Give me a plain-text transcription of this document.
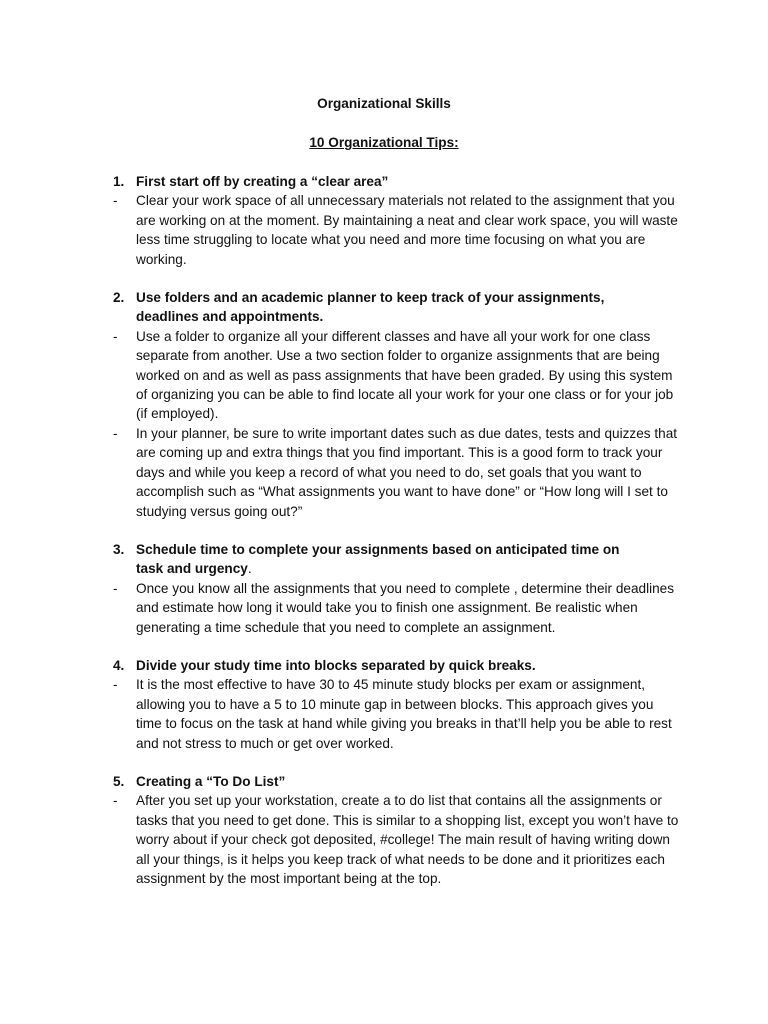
Organizational Skills
10 Organizational Tips:
1. First start off by creating a “clear area”
- Clear your work space of all unnecessary materials not related to the assignment that you are working on at the moment. By maintaining a neat and clear work space, you will waste less time struggling to locate what you need and more time focusing on what you are working.
2. Use folders and an academic planner to keep track of your assignments, deadlines and appointments.
- Use a folder to organize all your different classes and have all your work for one class separate from another. Use a two section folder to organize assignments that are being worked on and as well as pass assignments that have been graded. By using this system of organizing you can be able to find locate all your work for your one class or for your job (if employed).
- In your planner, be sure to write important dates such as due dates, tests and quizzes that are coming up and extra things that you find important. This is a good form to track your days and while you keep a record of what you need to do, set goals that you want to accomplish such as “What assignments you want to have done” or “How long will I set to studying versus going out?”
3. Schedule time to complete your assignments based on anticipated time on task and urgency.
- Once you know all the assignments that you need to complete , determine their deadlines and estimate how long it would take you to finish one assignment. Be realistic when generating a time schedule that you need to complete an assignment.
4. Divide your study time into blocks separated by quick breaks.
- It is the most effective to have 30 to 45 minute study blocks per exam or assignment, allowing you to have a 5 to 10 minute gap in between blocks. This approach gives you time to focus on the task at hand while giving you breaks in that’ll help you be able to rest and not stress to much or get over worked.
5. Creating a “To Do List”
- After you set up your workstation, create a to do list that contains all the assignments or tasks that you need to get done. This is similar to a shopping list, except you won’t have to worry about if your check got deposited, #college! The main result of having writing down all your things, is it helps you keep track of what needs to be done and it prioritizes each assignment by the most important being at the top.
